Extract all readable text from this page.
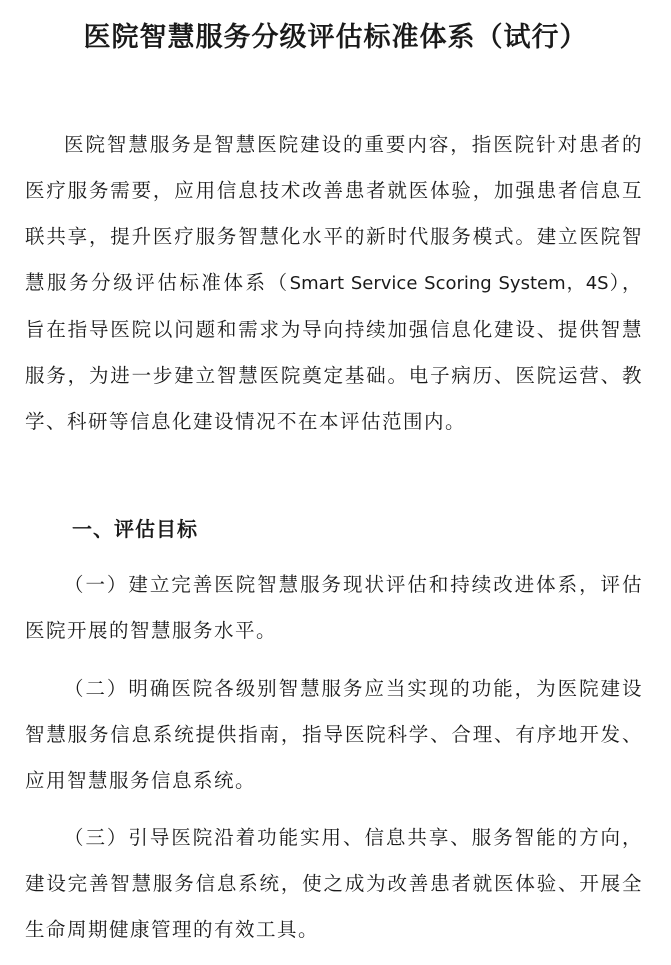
医院智慧服务分级评估标准体系（试行）
医院智慧服务是智慧医院建设的重要内容，指医院针对患者的医疗服务需要，应用信息技术改善患者就医体验，加强患者信息互联共享，提升医疗服务智慧化水平的新时代服务模式。建立医院智慧服务分级评估标准体系（Smart Service Scoring System，4S），旨在指导医院以问题和需求为导向持续加强信息化建设、提供智慧服务，为进一步建立智慧医院奠定基础。电子病历、医院运营、教学、科研等信息化建设情况不在本评估范围内。
一、评估目标
（一）建立完善医院智慧服务现状评估和持续改进体系，评估医院开展的智慧服务水平。
（二）明确医院各级别智慧服务应当实现的功能，为医院建设智慧服务信息系统提供指南，指导医院科学、合理、有序地开发、应用智慧服务信息系统。
（三）引导医院沿着功能实用、信息共享、服务智能的方向，建设完善智慧服务信息系统，使之成为改善患者就医体验、开展全生命周期健康管理的有效工具。
